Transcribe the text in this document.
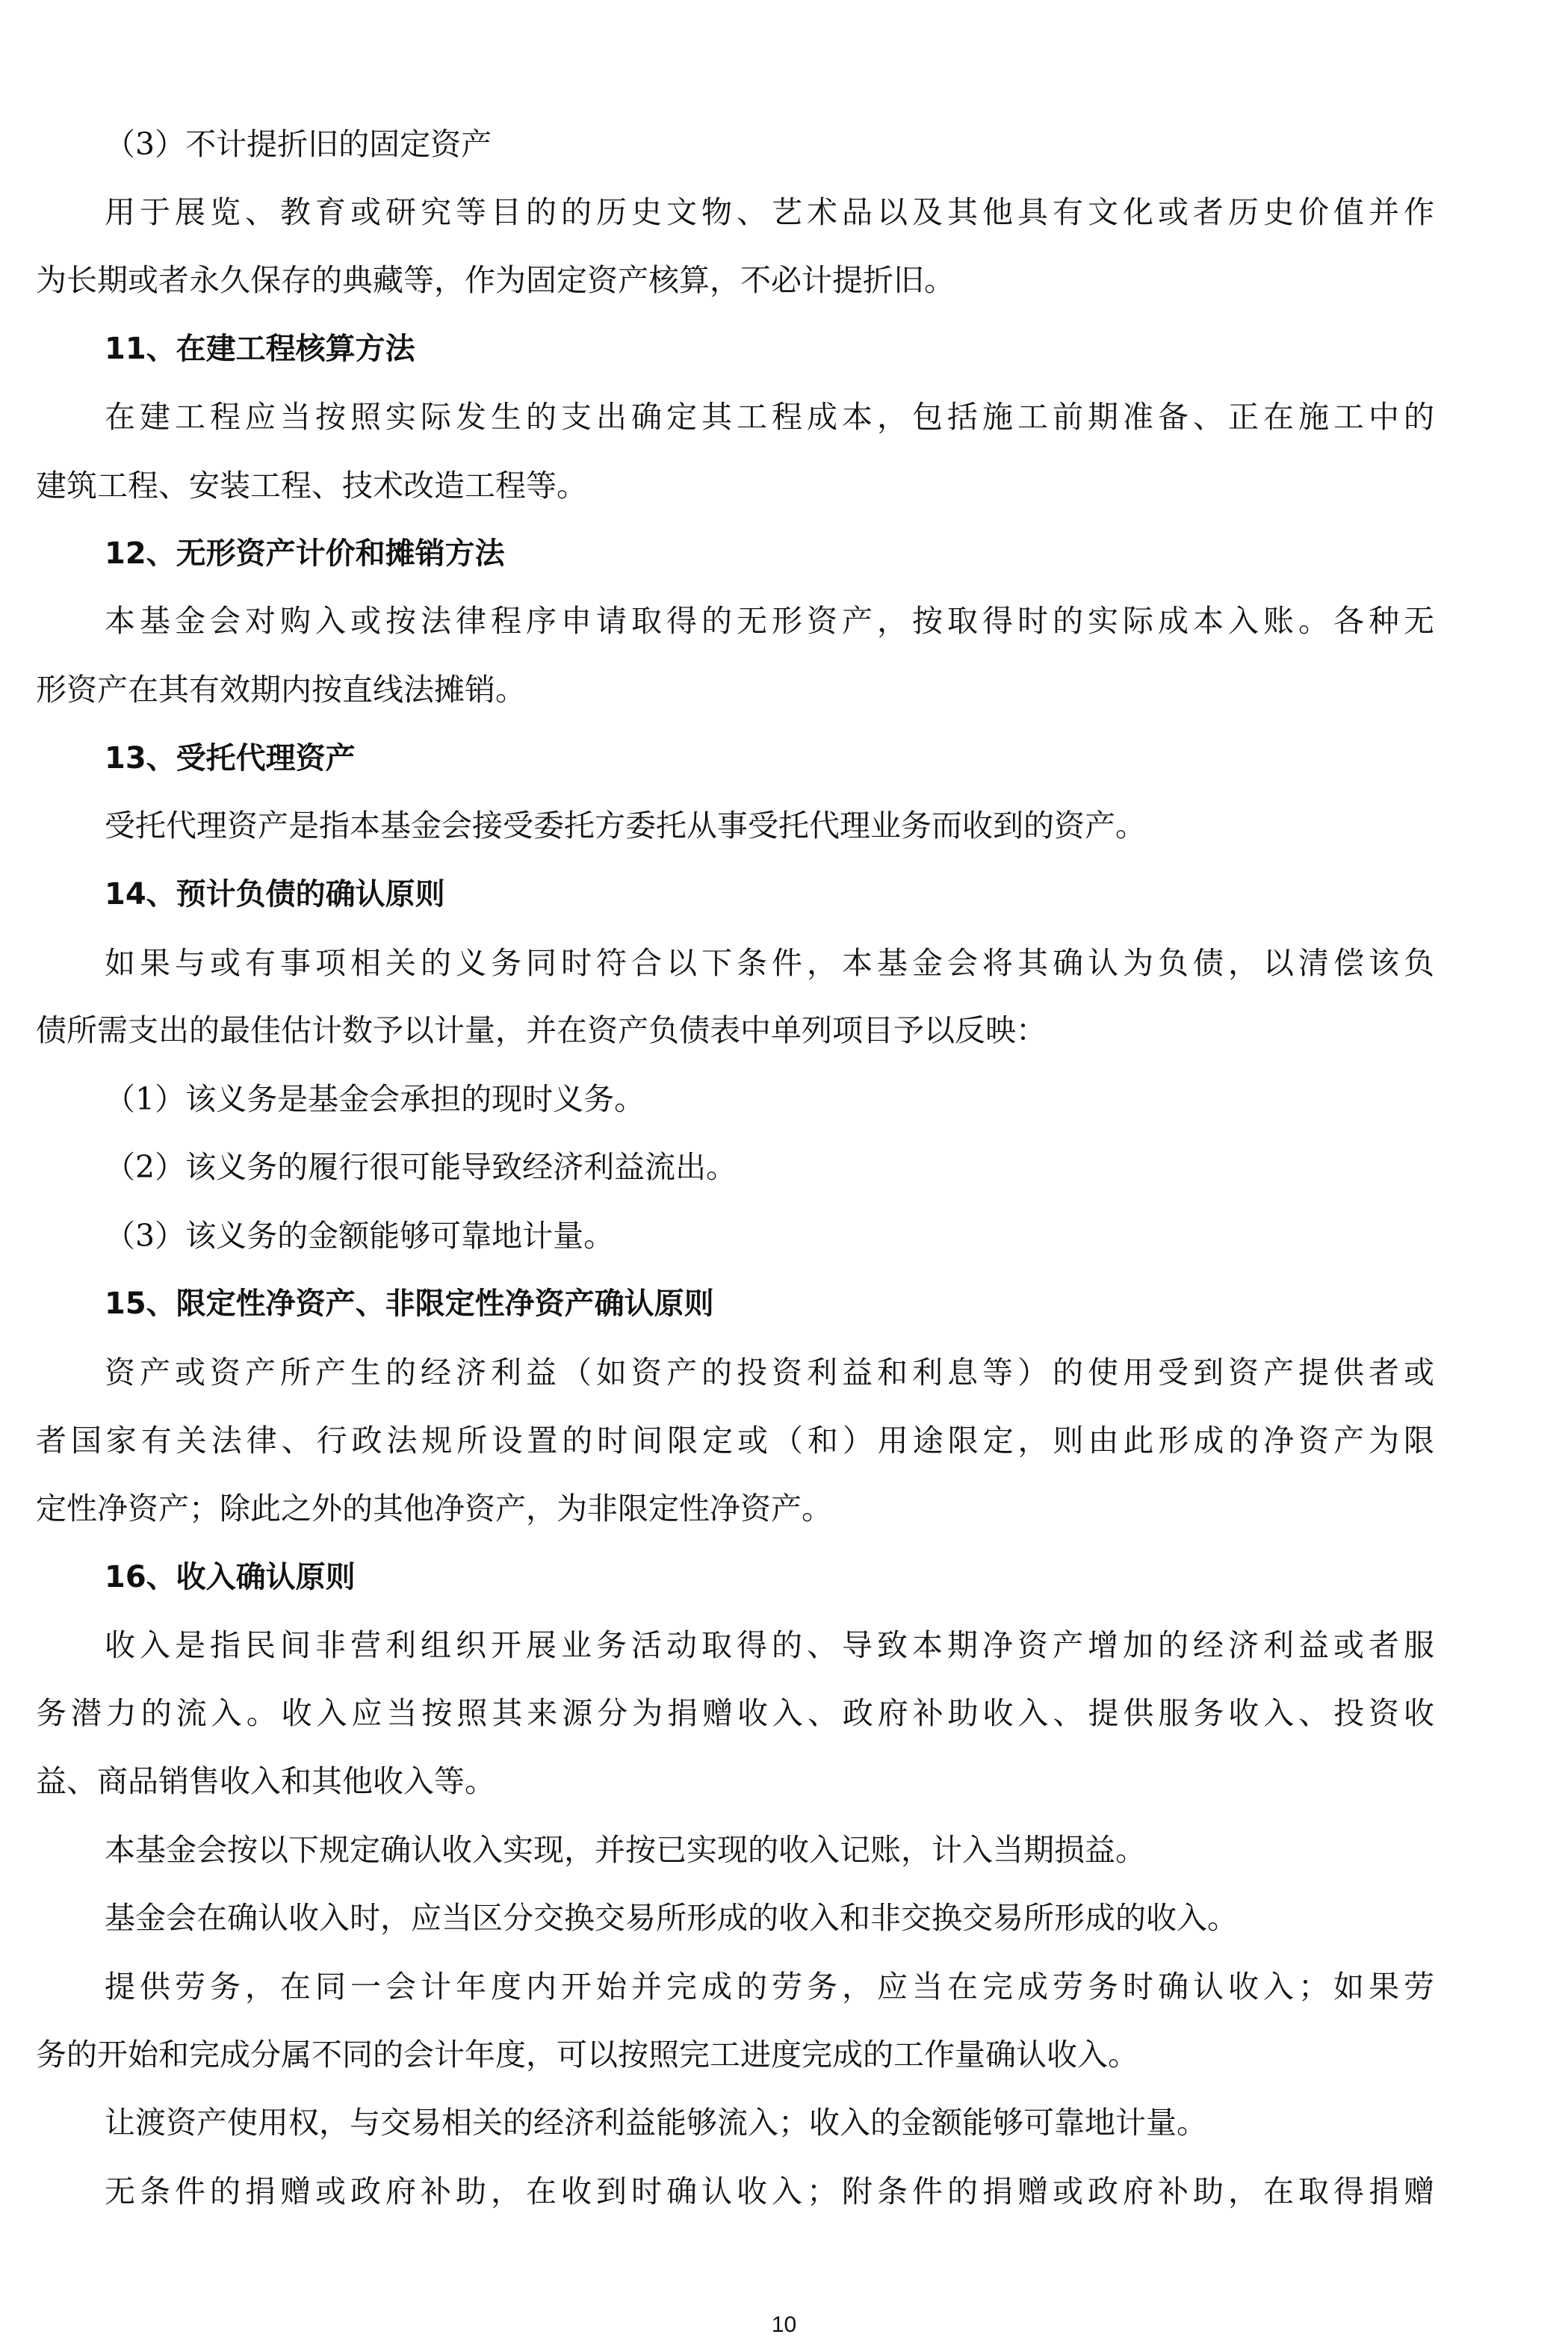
（3）不计提折旧的固定资产
用于展览、教育或研究等目的的历史文物、艺术品以及其他具有文化或者历史价值并作
为长期或者永久保存的典藏等，作为固定资产核算，不必计提折旧。
11、在建工程核算方法
在建工程应当按照实际发生的支出确定其工程成本，包括施工前期准备、正在施工中的
建筑工程、安装工程、技术改造工程等。
12、无形资产计价和摊销方法
本基金会对购入或按法律程序申请取得的无形资产，按取得时的实际成本入账。各种无
形资产在其有效期内按直线法摊销。
13、受托代理资产
受托代理资产是指本基金会接受委托方委托从事受托代理业务而收到的资产。
14、预计负债的确认原则
如果与或有事项相关的义务同时符合以下条件，本基金会将其确认为负债，以清偿该负
债所需支出的最佳估计数予以计量，并在资产负债表中单列项目予以反映：
（1）该义务是基金会承担的现时义务。
（2）该义务的履行很可能导致经济利益流出。
（3）该义务的金额能够可靠地计量。
15、限定性净资产、非限定性净资产确认原则
资产或资产所产生的经济利益（如资产的投资利益和利息等）的使用受到资产提供者或
者国家有关法律、行政法规所设置的时间限定或（和）用途限定，则由此形成的净资产为限
定性净资产；除此之外的其他净资产，为非限定性净资产。
16、收入确认原则
收入是指民间非营利组织开展业务活动取得的、导致本期净资产增加的经济利益或者服
务潜力的流入。收入应当按照其来源分为捐赠收入、政府补助收入、提供服务收入、投资收
益、商品销售收入和其他收入等。
本基金会按以下规定确认收入实现，并按已实现的收入记账，计入当期损益。
基金会在确认收入时，应当区分交换交易所形成的收入和非交换交易所形成的收入。
提供劳务，在同一会计年度内开始并完成的劳务，应当在完成劳务时确认收入；如果劳
务的开始和完成分属不同的会计年度，可以按照完工进度完成的工作量确认收入。
让渡资产使用权，与交易相关的经济利益能够流入；收入的金额能够可靠地计量。
无条件的捐赠或政府补助，在收到时确认收入；附条件的捐赠或政府补助，在取得捐赠
10
